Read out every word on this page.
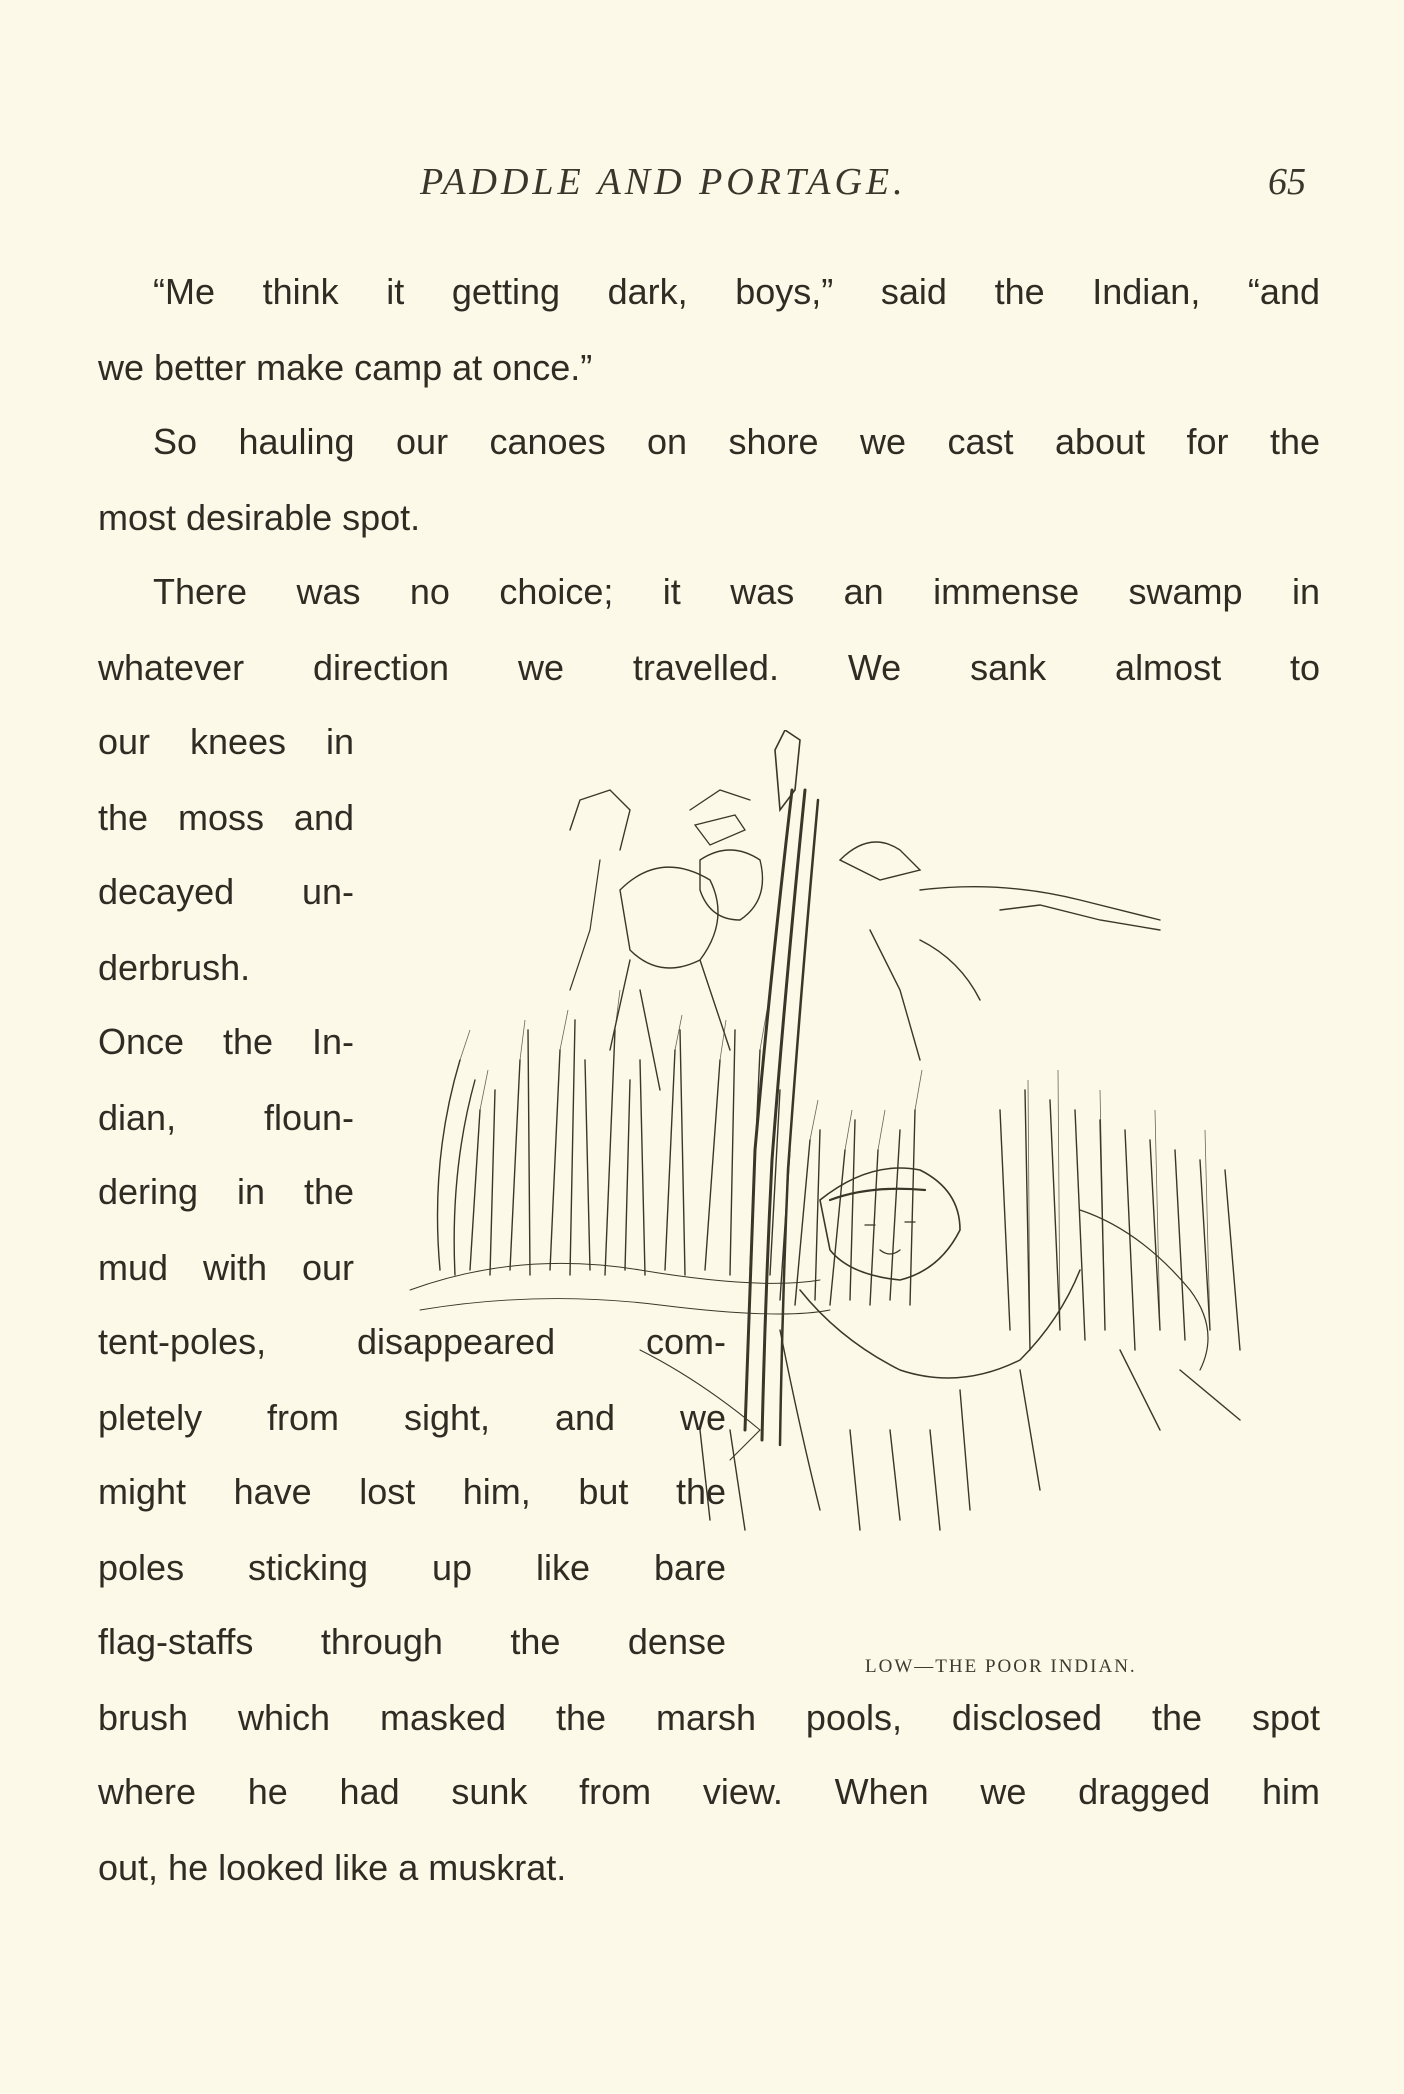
PADDLE AND PORTAGE.	65
“Me think it getting dark, boys,” said the Indian, “and
we better make camp at once.”
So hauling our canoes on shore we cast about for the
most desirable spot.
There was no choice; it was an immense swamp in
whatever direction we travelled. We sank almost to
our knees in
the moss and
decayed un-
derbrush.
Once the In-
dian, floun-
dering in the
mud with our
tent-poles, disappeared com-
pletely from sight, and we
might have lost him, but the
poles sticking up like bare
flag-staffs through the dense
brush which masked the marsh pools, disclosed the spot
where he had sunk from view. When we dragged him
out, he looked like a muskrat.
LOW—THE POOR INDIAN.
